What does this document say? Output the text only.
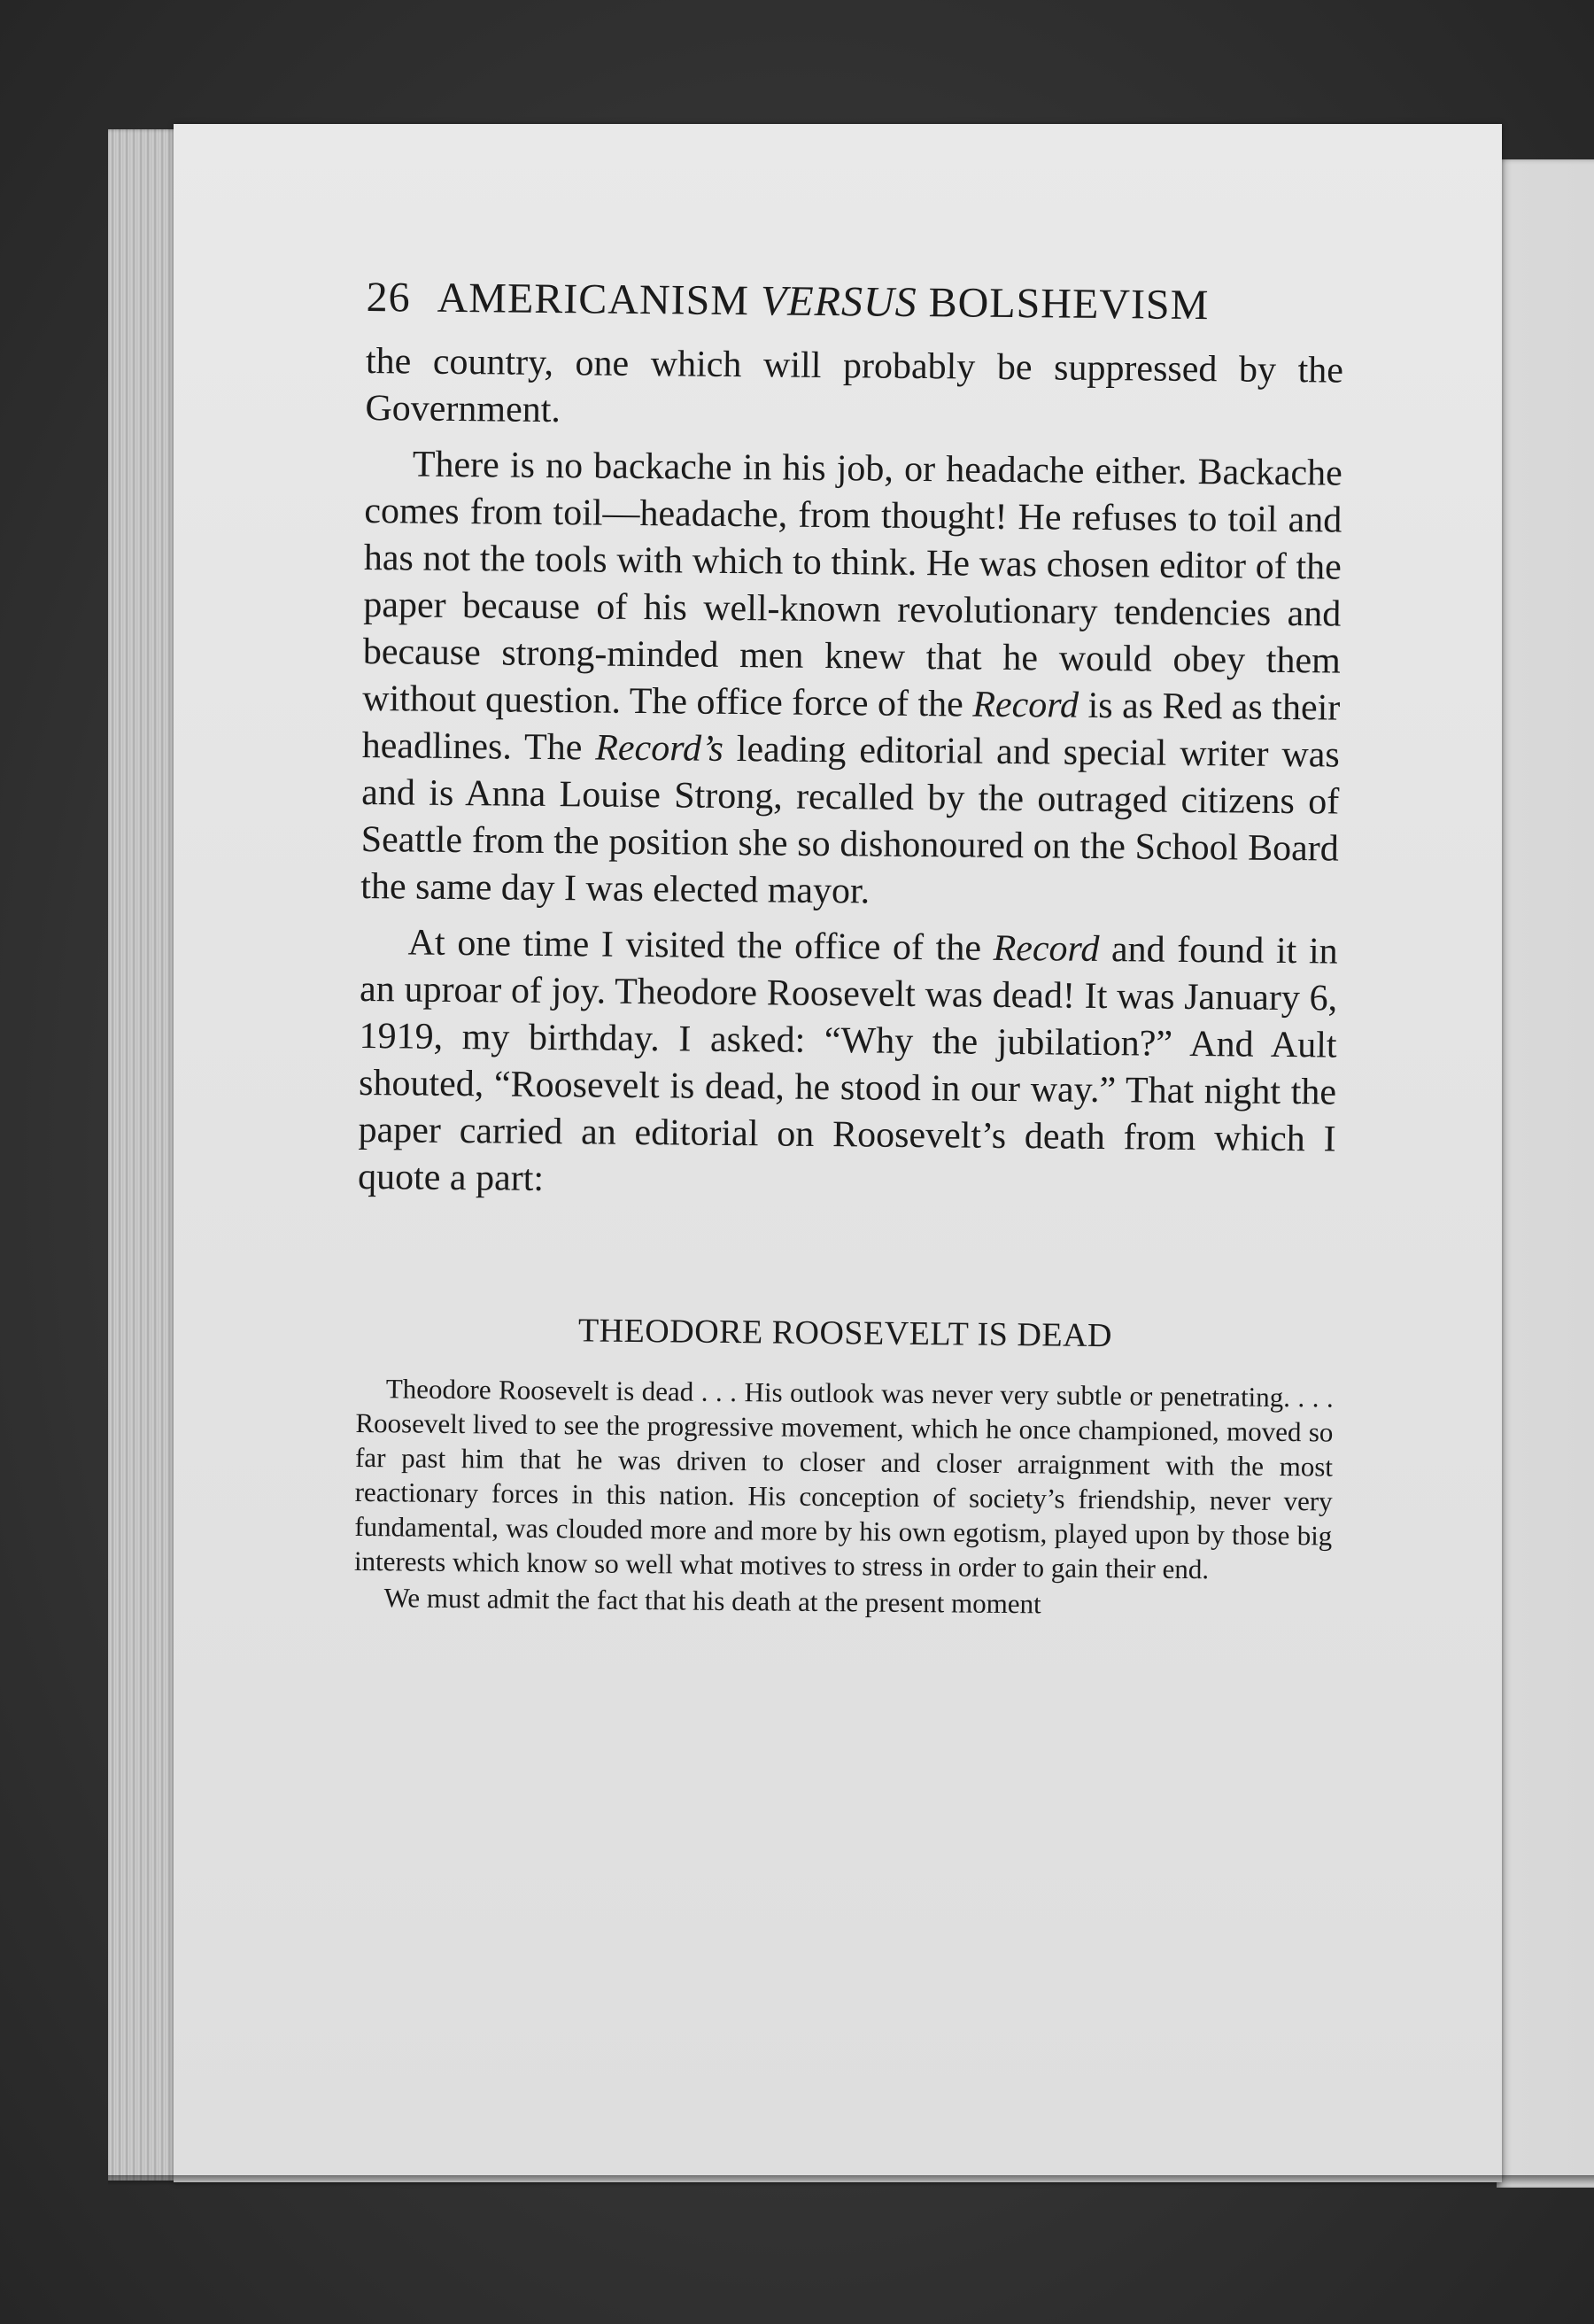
26 AMERICANISM VERSUS BOLSHEVISM

the country, one which will probably be suppressed by the Government.

There is no backache in his job, or headache either. Backache comes from toil—headache, from thought! He refuses to toil and has not the tools with which to think. He was chosen editor of the paper because of his well-known revolutionary tendencies and because strong-minded men knew that he would obey them without question. The office force of the Record is as Red as their headlines. The Record’s leading editorial and special writer was and is Anna Louise Strong, recalled by the outraged citizens of Seattle from the position she so dishonoured on the School Board the same day I was elected mayor.

At one time I visited the office of the Record and found it in an uproar of joy. Theodore Roosevelt was dead! It was January 6, 1919, my birthday. I asked: “Why the jubilation?” And Ault shouted, “Roosevelt is dead, he stood in our way.” That night the paper carried an editorial on Roosevelt’s death from which I quote a part:

THEODORE ROOSEVELT IS DEAD

Theodore Roosevelt is dead . . . His outlook was never very subtle or penetrating. . . . Roosevelt lived to see the progressive movement, which he once championed, moved so far past him that he was driven to closer and closer arraignment with the most reactionary forces in this nation. His conception of society’s friendship, never very fundamental, was clouded more and more by his own egotism, played upon by those big interests which know so well what motives to stress in order to gain their end.

We must admit the fact that his death at the present moment
